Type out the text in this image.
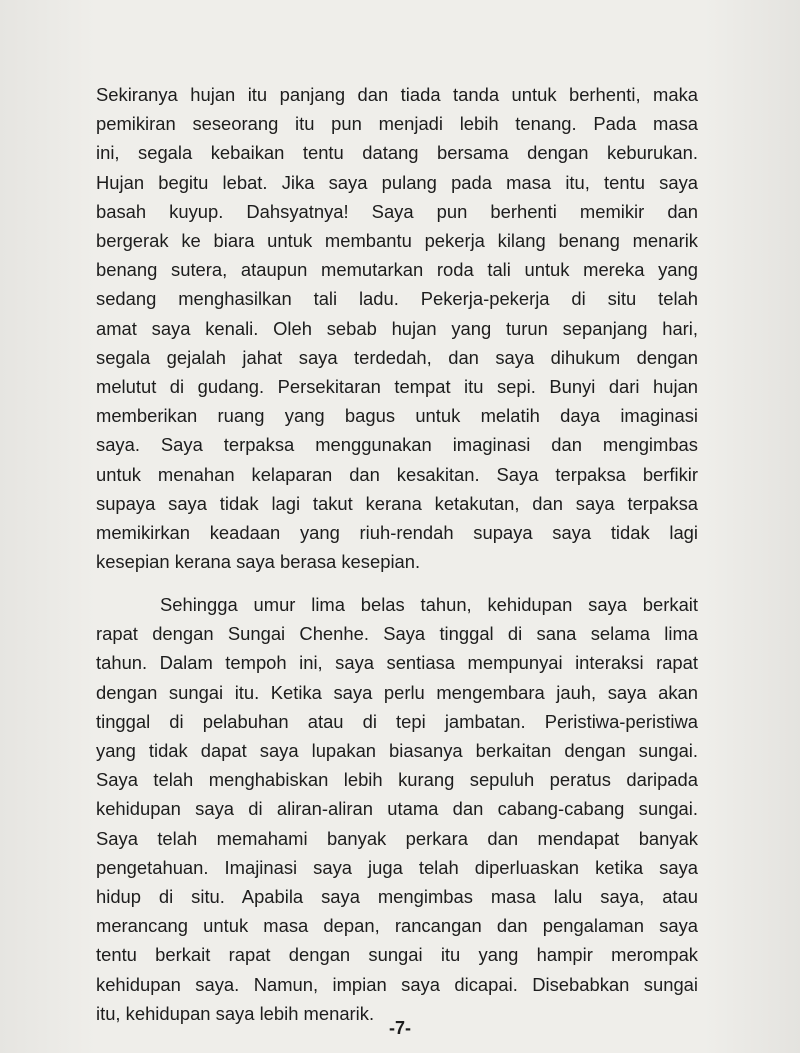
Sekiranya hujan itu panjang dan tiada tanda untuk berhenti, maka
pemikiran seseorang itu pun menjadi lebih tenang. Pada masa
ini, segala kebaikan tentu datang bersama dengan keburukan.
Hujan begitu lebat. Jika saya pulang pada masa itu, tentu saya
basah kuyup. Dahsyatnya! Saya pun berhenti memikir dan
bergerak ke biara untuk membantu pekerja kilang benang menarik
benang sutera, ataupun memutarkan roda tali untuk mereka yang
sedang menghasilkan tali ladu. Pekerja-pekerja di situ telah
amat saya kenali. Oleh sebab hujan yang turun sepanjang hari,
segala gejalah jahat saya terdedah, dan saya dihukum dengan
melutut di gudang. Persekitaran tempat itu sepi. Bunyi dari hujan
memberikan ruang yang bagus untuk melatih daya imaginasi
saya. Saya terpaksa menggunakan imaginasi dan mengimbas
untuk menahan kelaparan dan kesakitan. Saya terpaksa berfikir
supaya saya tidak lagi takut kerana ketakutan, dan saya terpaksa
memikirkan keadaan yang riuh-rendah supaya saya tidak lagi
kesepian kerana saya berasa kesepian.
Sehingga umur lima belas tahun, kehidupan saya berkait
rapat dengan Sungai Chenhe. Saya tinggal di sana selama lima
tahun. Dalam tempoh ini, saya sentiasa mempunyai interaksi rapat
dengan sungai itu. Ketika saya perlu mengembara jauh, saya akan
tinggal di pelabuhan atau di tepi jambatan. Peristiwa-peristiwa
yang tidak dapat saya lupakan biasanya berkaitan dengan sungai.
Saya telah menghabiskan lebih kurang sepuluh peratus daripada
kehidupan saya di aliran-aliran utama dan cabang-cabang sungai.
Saya telah memahami banyak perkara dan mendapat banyak
pengetahuan. Imajinasi saya juga telah diperluaskan ketika saya
hidup di situ. Apabila saya mengimbas masa lalu saya, atau
merancang untuk masa depan, rancangan dan pengalaman saya
tentu berkait rapat dengan sungai itu yang hampir merompak
kehidupan saya. Namun, impian saya dicapai. Disebabkan sungai
itu, kehidupan saya lebih menarik.
-7-
